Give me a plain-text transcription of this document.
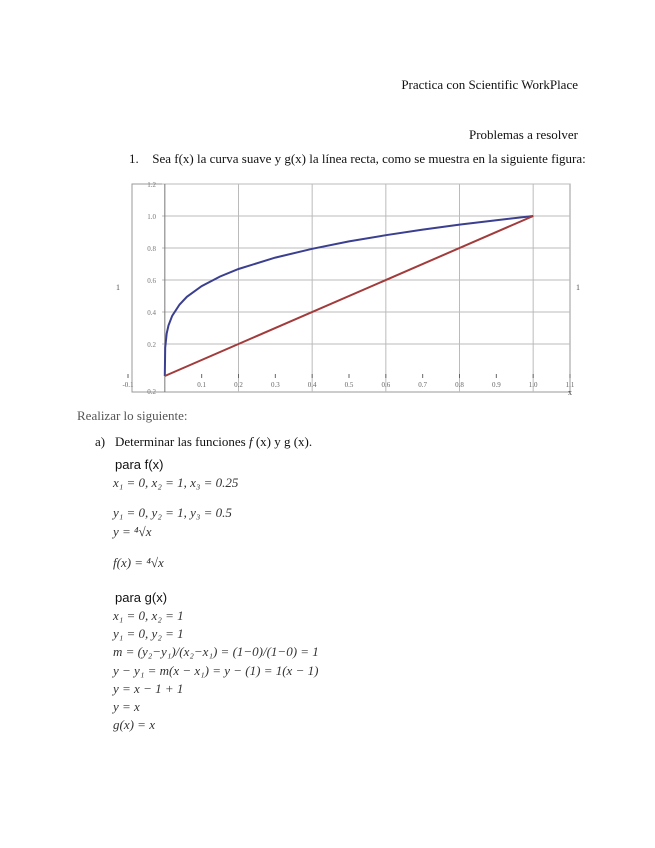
Practica con Scientific WorkPlace
Problemas a resolver
1. Sea f(x) la curva suave y g(x) la línea recta, como se muestra en la siguiente figura:
0.2
0.4
0.6
0.8
1.0
1.2
-0.1	0.1	0.2	0.3	0.4	0.5	0.6	0.7	0.8	0.9	1.0	1.1
x
0.2
1	1
Realizar lo siguiente:
a) Determinar las funciones f (x) y g (x).
para f(x)
x₁ = 0, x₂ = 1, x₃ = 0.25
y₁ = 0, y₂ = 1, y₃ = 0.5
y = ⁴√x
f(x) = ⁴√x
para g(x)
x₁ = 0, x₂ = 1
y₁ = 0, y₂ = 1
m = (y₂−y₁)/(x₂−x₁) = (1−0)/(1−0) = 1
y − y₁ = m(x − x₁) = y − (1) = 1(x − 1)
y = x − 1 + 1
y = x
g(x) = x
